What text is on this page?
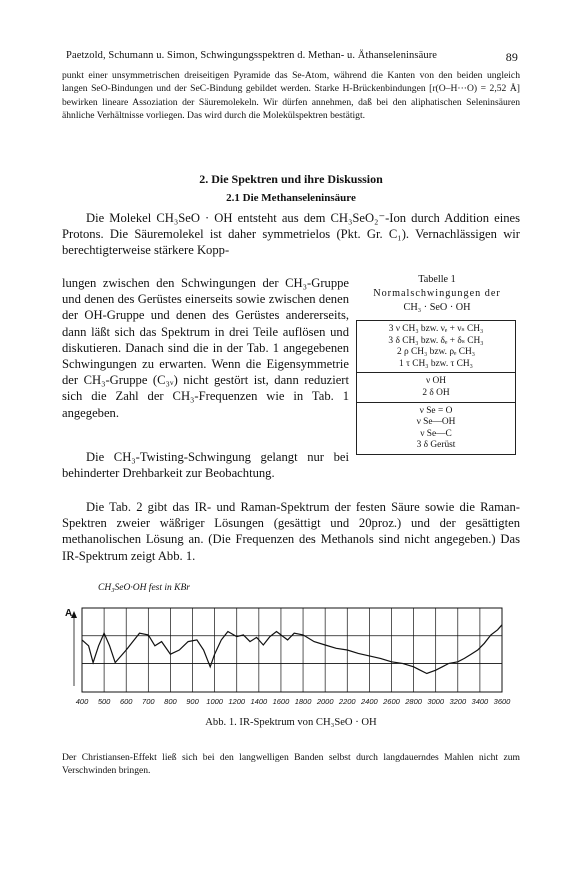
Paetzold, Schumann u. Simon, Schwingungsspektren d. Methan- u. Äthanseleninsäure	89
punkt einer unsymmetrischen dreiseitigen Pyramide das Se-Atom, während die Kanten von den beiden ungleich langen SeO-Bindungen und der SeC-Bindung gebildet werden. Starke H-Brückenbindungen [r(O–H···O) = 2,52 Å] bewirken lineare Assoziation der Säuremolekeln. Wir dürfen annehmen, daß bei den aliphatischen Seleninsäuren ähnliche Verhältnisse vorliegen. Das wird durch die Molekülspektren bestätigt.
2. Die Spektren und ihre Diskussion
2.1 Die Methanseleninsäure
Die Molekel CH₃SeO · OH entsteht aus dem CH₃SeO₂⁻-Ion durch Addition eines Protons. Die Säuremolekel ist daher symmetrielos (Pkt. Gr. C₁). Vernachlässigen wir berechtigterweise stärkere Kopp-
lungen zwischen den Schwingungen der CH₃-Gruppe und denen des Gerüstes einerseits sowie zwischen denen der OH-Gruppe und denen des Gerüstes andererseits, dann läßt sich das Spektrum in drei Teile auflösen und diskutieren. Danach sind die in der Tab. 1 angegebenen Schwingungen zu erwarten. Wenn die Eigensymmetrie der CH₃-Gruppe (C₃ᵥ) nicht gestört ist, dann reduziert sich die Zahl der CH₃-Frequenzen wie in Tab. 1 angegeben.
Die CH₃-Twisting-Schwingung gelangt nur bei behinderter Drehbarkeit zur Beobachtung.
Die Tab. 2 gibt das IR- und Raman-Spektrum der festen Säure sowie die Raman-Spektren zweier wäßriger Lösungen (gesättigt und 20proz.) und der gesättigten methanolischen Lösung an. (Die Frequenzen des Methanols sind nicht angegeben.) Das IR-Spektrum zeigt Abb. 1.
Tabelle 1
Normalschwingungen der
CH₃ · SeO · OH
3 ν CH₃ bzw. νₑ + νₛ CH₃
3 δ CH₃ bzw. δₑ + δₛ CH₃
2 ρ CH₃ bzw. ρₑ CH₃
1 τ CH₃ bzw. τ CH₃
ν OH
2 δ OH
ν Se = O
ν Se—OH
ν Se—C
3 δ Gerüst
CH₃SeO·OH fest in KBr
A
400 500 600 700 800 900 1000 1200 1400 1600 1800 2000 2200 2400 2600 2800 3000 3200 3400 3600
Abb. 1. IR-Spektrum von CH₃SeO · OH
Der Christiansen-Effekt ließ sich bei den langwelligen Banden selbst durch langdauerndes Mahlen nicht zum Verschwinden bringen.
